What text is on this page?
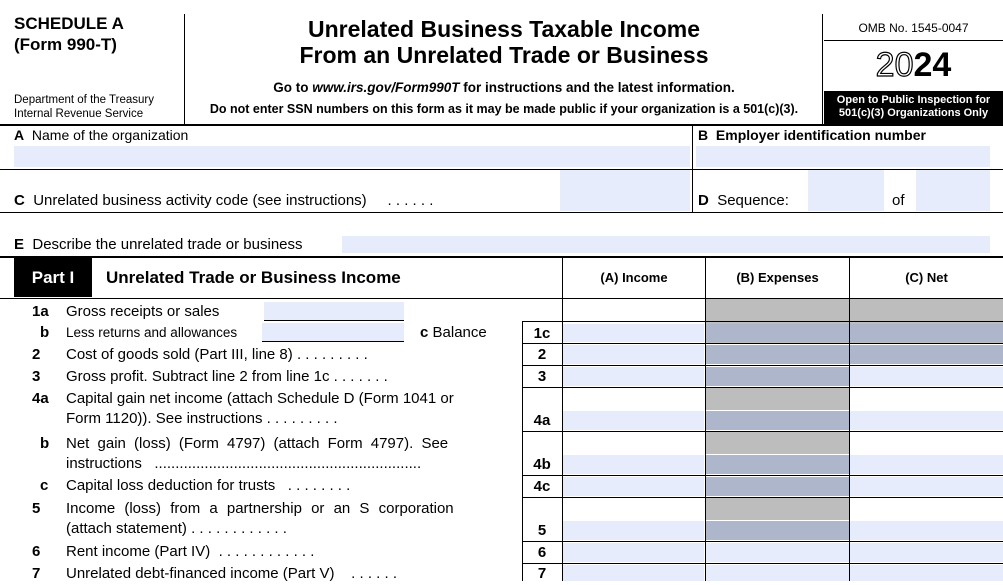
SCHEDULE A
(Form 990-T)
Department of the Treasury
Internal Revenue Service
Unrelated Business Taxable Income
From an Unrelated Trade or Business
Go to www.irs.gov/Form990T for instructions and the latest information.
Do not enter SSN numbers on this form as it may be made public if your organization is a 501(c)(3).
OMB No. 1545-0047
2024
Open to Public Inspection for
501(c)(3) Organizations Only
A Name of the organization	B Employer identification number
C Unrelated business activity code (see instructions) . . . . . .	D Sequence:	of
E Describe the unrelated trade or business
Part I	Unrelated Trade or Business Income	(A) Income	(B) Expenses	(C) Net
1a Gross receipts or sales
b Less returns and allowances	c Balance	1c
2 Cost of goods sold (Part III, line 8) . . . . . . . . .	2
3 Gross profit. Subtract line 2 from line 1c . . . . . . .	3
4a Capital gain net income (attach Schedule D (Form 1041 or
Form 1120)). See instructions . . . . . . . . .	4a
b Net gain (loss) (Form 4797) (attach Form 4797). See
instructions ................................................................	4b
c Capital loss deduction for trusts . . . . . . . .	4c
5 Income (loss) from a partnership or an S corporation
(attach statement) . . . . . . . . . . . .	5
6 Rent income (Part IV) . . . . . . . . . . . .	6
7 Unrelated debt-financed income (Part V) . . . . . .	7
